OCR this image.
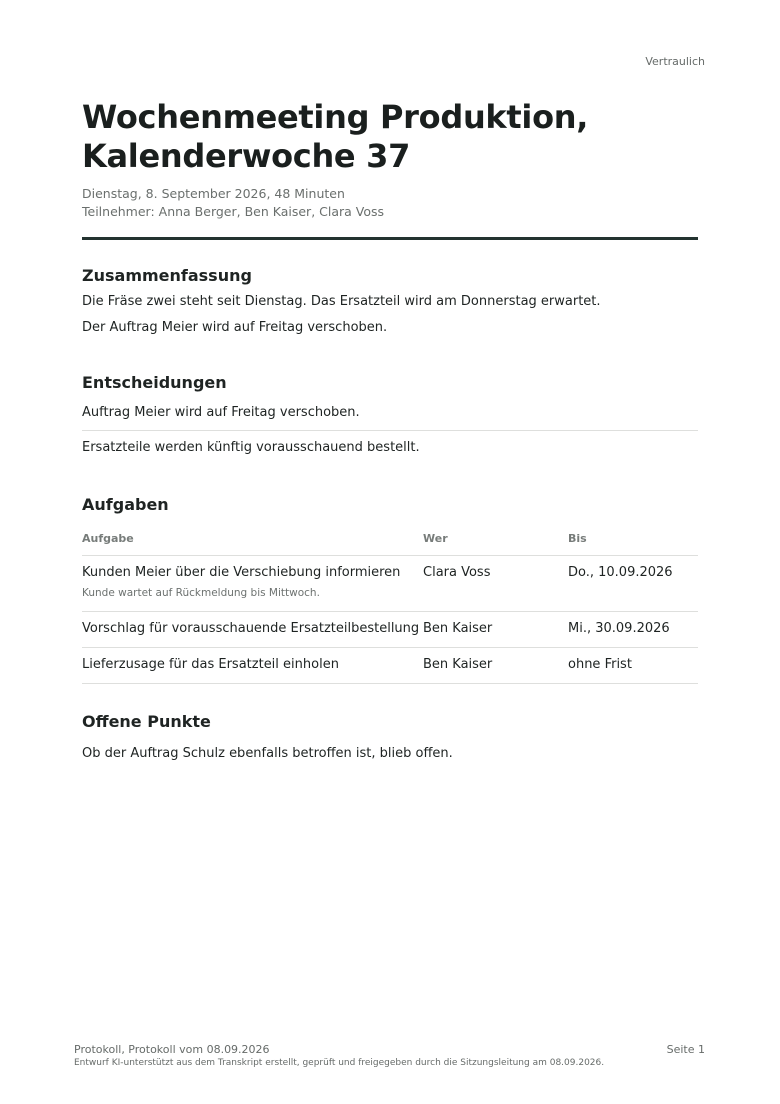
Vertraulich
Wochenmeeting Produktion,
Kalenderwoche 37
Dienstag, 8. September 2026, 48 Minuten
Teilnehmer: Anna Berger, Ben Kaiser, Clara Voss
Zusammenfassung

Die Fräse zwei steht seit Dienstag. Das Ersatzteil wird am Donnerstag erwartet.

Der Auftrag Meier wird auf Freitag verschoben.

Entscheidungen
Auftrag Meier wird auf Freitag verschoben.
Ersatzteile werden künftig vorausschauend bestellt.
Aufgaben
Aufgabe	Wer	Bis
Kunden Meier über die Verschiebung informieren
Kunde wartet auf Rückmeldung bis Mittwoch.	Clara Voss	Do., 10.09.2026
Vorschlag für vorausschauende Ersatzteilbestellung	Ben Kaiser	Mi., 30.09.2026
Lieferzusage für das Ersatzteil einholen	Ben Kaiser	ohne Frist
Offene Punkte

Ob der Auftrag Schulz ebenfalls betroffen ist, blieb offen.

Protokoll, Protokoll vom 08.09.2026
Entwurf KI-unterstützt aus dem Transkript erstellt, geprüft und freigegeben durch die Sitzungsleitung am 08.09.2026.
Seite 1
